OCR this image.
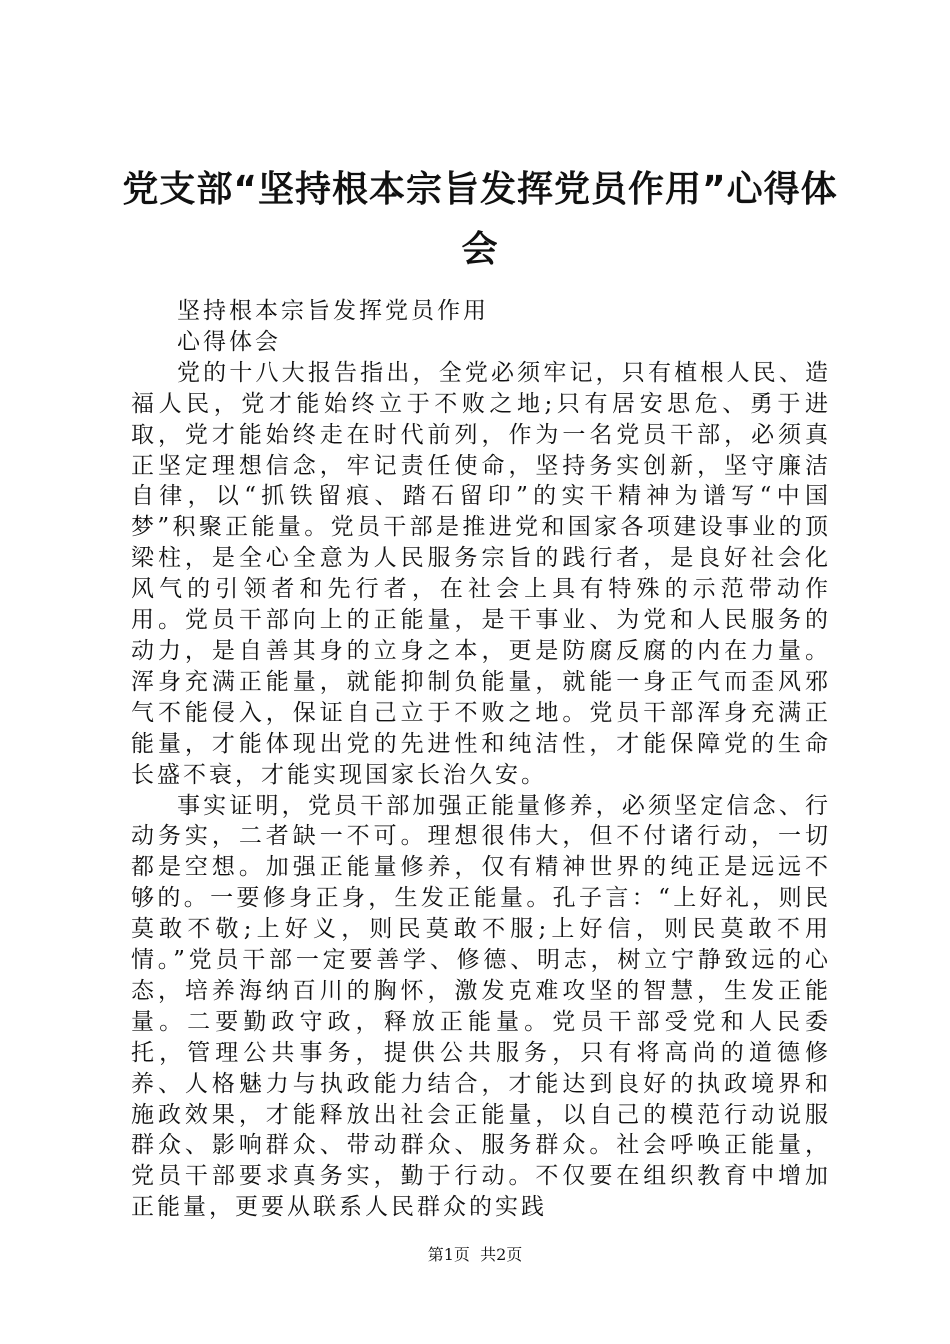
党支部“坚持根本宗旨发挥党员作用”心得体会

坚持根本宗旨发挥党员作用

心得体会

党的十八大报告指出，全党必须牢记，只有植根人民、造福人民，党才能始终立于不败之地;只有居安思危、勇于进取，党才能始终走在时代前列，作为一名党员干部，必须真正坚定理想信念，牢记责任使命，坚持务实创新，坚守廉洁自律，以“抓铁留痕、踏石留印”的实干精神为谱写“中国梦”积聚正能量。党员干部是推进党和国家各项建设事业的顶梁柱，是全心全意为人民服务宗旨的践行者，是良好社会化风气的引领者和先行者，在社会上具有特殊的示范带动作用。党员干部向上的正能量，是干事业、为党和人民服务的动力，是自善其身的立身之本，更是防腐反腐的内在力量。浑身充满正能量，就能抑制负能量，就能一身正气而歪风邪气不能侵入，保证自己立于不败之地。党员干部浑身充满正能量，才能体现出党的先进性和纯洁性，才能保障党的生命长盛不衰，才能实现国家长治久安。

事实证明，党员干部加强正能量修养，必须坚定信念、行动务实，二者缺一不可。理想很伟大，但不付诸行动，一切都是空想。加强正能量修养，仅有精神世界的纯正是远远不够的。一要修身正身，生发正能量。孔子言：“上好礼，则民莫敢不敬;上好义，则民莫敢不服;上好信，则民莫敢不用情。”党员干部一定要善学、修德、明志，树立宁静致远的心态，培养海纳百川的胸怀，激发克难攻坚的智慧，生发正能量。二要勤政守政，释放正能量。党员干部受党和人民委托，管理公共事务，提供公共服务，只有将高尚的道德修养、人格魅力与执政能力结合，才能达到良好的执政境界和施政效果，才能释放出社会正能量，以自己的模范行动说服群众、影响群众、带动群众、服务群众。社会呼唤正能量，党员干部要求真务实，勤于行动。不仅要在组织教育中增加正能量，更要从联系人民群众的实践

第1页 共2页
